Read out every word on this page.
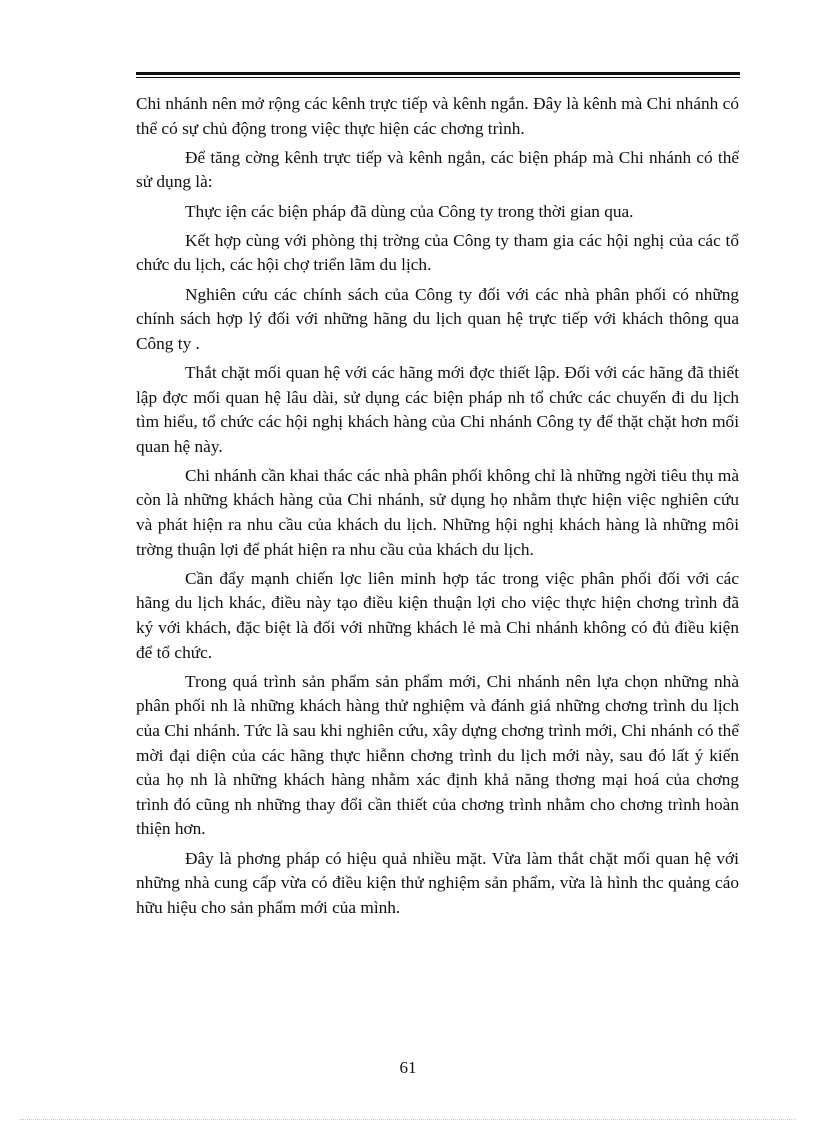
Chi nhánh nên mở rộng các kênh trực tiếp và kênh ngắn. Đây là kênh mà Chi nhánh có thể có sự chủ động trong việc thực hiện các chơng trình.

Để tăng cờng kênh trực tiếp và kênh ngắn, các biện pháp mà Chi nhánh có thể sử dụng là:

Thực iện các biện pháp đã dùng của Công ty trong thời gian qua.

Kết hợp cùng với phòng thị trờng của Công ty tham gia các hội nghị của các tổ chức du lịch, các hội chợ triển lãm du lịch.

Nghiên cứu các chính sách của Công ty đối với các nhà phân phối có những chính sách hợp lý đối với những hãng du lịch quan hệ trực tiếp với khách thông qua Công ty .

Thắt chặt mối quan hệ với các hãng mới đợc thiết lập. Đối với các hãng đã thiết lập đợc mối quan hệ lâu dài, sử dụng các biện pháp nh tổ chức các chuyến đi du lịch tìm hiểu, tổ chức các hội nghị khách hàng của Chi nhánh Công ty để thặt chặt hơn mối quan hệ này.

Chi nhánh cần khai thác các nhà phân phối không chỉ là những ngời tiêu thụ mà còn là những khách hàng của Chi nhánh, sử dụng họ nhằm thực hiện việc nghiên cứu và phát hiện ra nhu cầu của khách du lịch. Những hội nghị khách hàng là những môi trờng thuận lợi để phát hiện ra nhu cầu của khách du lịch.

Cần đẩy mạnh chiến lợc liên minh hợp tác trong việc phân phối đối với các hãng du lịch khác, điều này tạo điều kiện thuận lợi cho việc thực hiện chơng trình đã ký với khách, đặc biệt là đối với những khách lẻ mà Chi nhánh không có đủ điều kiện để tổ chức.

Trong quá trình sản phẩm sản phẩm mới, Chi nhánh nên lựa chọn những nhà phân phối nh là những khách hàng thử nghiệm và đánh giá những chơng trình du lịch của Chi nhánh. Tức là sau khi nghiên cứu, xây dựng chơng trình mới, Chi nhánh có thể mời đại diện của các hãng thực hiễnn chơng trình du lịch mới này, sau đó lất ý kiến của họ nh là những khách hàng nhằm xác định khả năng thơng mại hoá của chơng trình đó cũng nh những thay đổi cần thiết của chơng trình nhằm cho chơng trình hoàn thiện hơn.

Đây là phơng pháp có hiệu quả nhiều mặt. Vừa làm thắt chặt mối quan hệ với những nhà cung cấp vừa có điều kiện thử nghiệm sản phẩm, vừa là hình thc quảng cáo hữu hiệu cho sản phẩm mới của mình.

61
